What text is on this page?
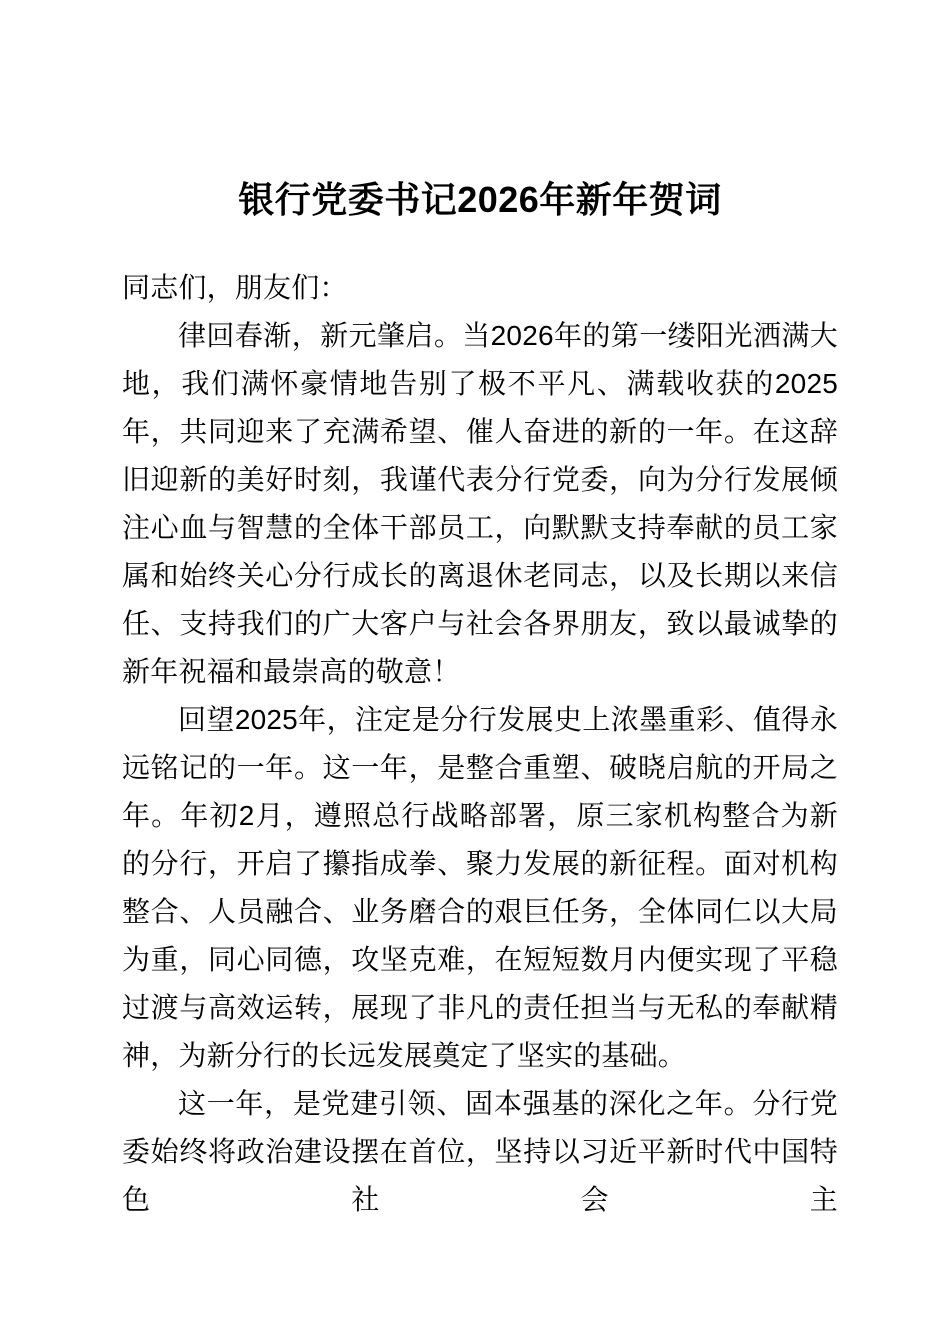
银行党委书记2026年新年贺词

同志们，朋友们：

律回春渐，新元肇启。当2026年的第一缕阳光洒满大地，我们满怀豪情地告别了极不平凡、满载收获的2025年，共同迎来了充满希望、催人奋进的新的一年。在这辞旧迎新的美好时刻，我谨代表分行党委，向为分行发展倾注心血与智慧的全体干部员工，向默默支持奉献的员工家属和始终关心分行成长的离退休老同志，以及长期以来信任、支持我们的广大客户与社会各界朋友，致以最诚挚的新年祝福和最崇高的敬意！

回望2025年，注定是分行发展史上浓墨重彩、值得永远铭记的一年。这一年，是整合重塑、破晓启航的开局之年。年初2月，遵照总行战略部署，原三家机构整合为新的分行，开启了攥指成拳、聚力发展的新征程。面对机构整合、人员融合、业务磨合的艰巨任务，全体同仁以大局为重，同心同德，攻坚克难，在短短数月内便实现了平稳过渡与高效运转，展现了非凡的责任担当与无私的奉献精神，为新分行的长远发展奠定了坚实的基础。

这一年，是党建引领、固本强基的深化之年。分行党委始终将政治建设摆在首位，坚持以习近平新时代中国特色社会主
